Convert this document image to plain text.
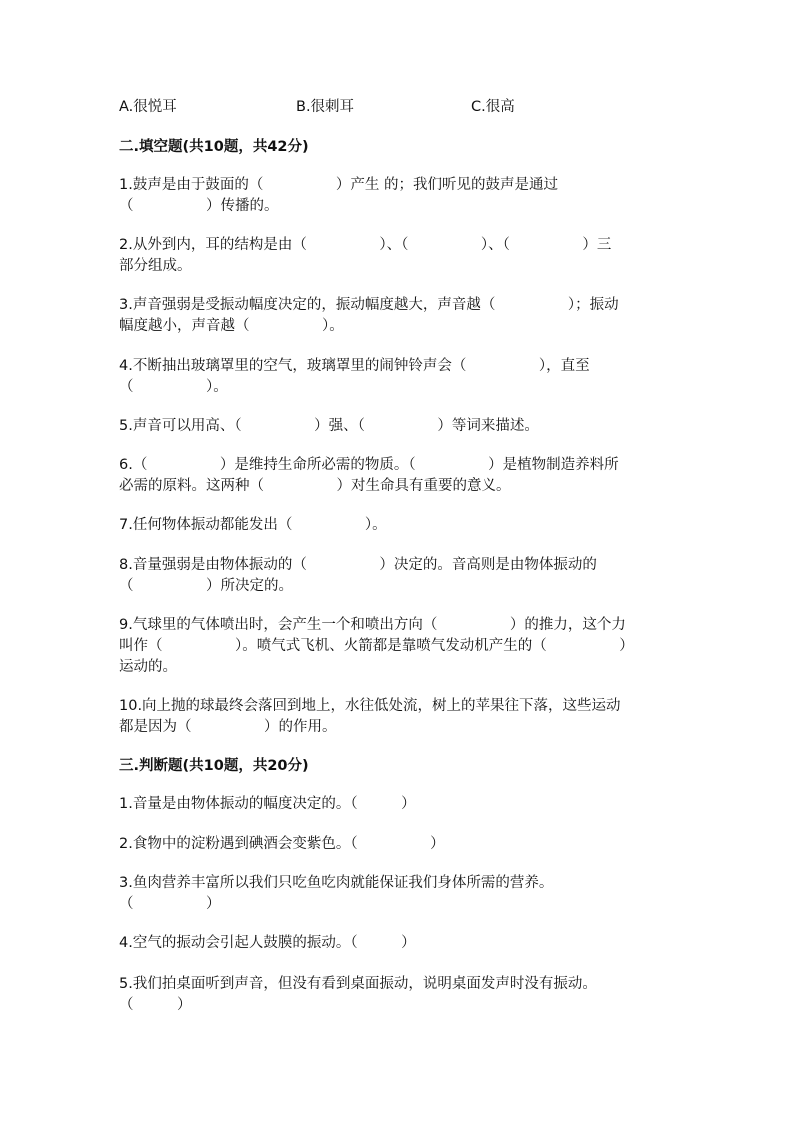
A.很悦耳	B.很刺耳	C.很高
二.填空题(共10题，共42分)
1.鼓声是由于鼓面的（　　　　　）产生 的；我们听见的鼓声是通过
（　　　　　）传播的。
2.从外到内，耳的结构是由（　　　　　）、（　　　　　）、（　　　　　）三
部分组成。
3.声音强弱是受振动幅度决定的，振动幅度越大，声音越（　　　　　）；振动
幅度越小，声音越（　　　　　）。
4.不断抽出玻璃罩里的空气，玻璃罩里的闹钟铃声会（　　　　　），直至
（　　　　　）。
5.声音可以用高、（　　　　　）强、（　　　　　）等词来描述。
6.（　　　　　）是维持生命所必需的物质。（　　　　　）是植物制造养料所
必需的原料。这两种（　　　　　）对生命具有重要的意义。
7.任何物体振动都能发出（　　　　　）。
8.音量强弱是由物体振动的（　　　　　）决定的。音高则是由物体振动的
（　　　　　）所决定的。
9.气球里的气体喷出时，会产生一个和喷出方向（　　　　　）的推力，这个力
叫作（　　　　　）。喷气式飞机、火箭都是靠喷气发动机产生的（　　　　　）
运动的。
10.向上抛的球最终会落回到地上，水往低处流，树上的苹果往下落，这些运动
都是因为（　　　　　）的作用。
三.判断题(共10题，共20分)
1.音量是由物体振动的幅度决定的。（　　　）
2.食物中的淀粉遇到碘酒会变紫色。（　　　　　）
3.鱼肉营养丰富所以我们只吃鱼吃肉就能保证我们身体所需的营养。
（　　　　　）
4.空气的振动会引起人鼓膜的振动。（　　　）
5.我们拍桌面听到声音，但没有看到桌面振动，说明桌面发声时没有振动。
（　　　）
